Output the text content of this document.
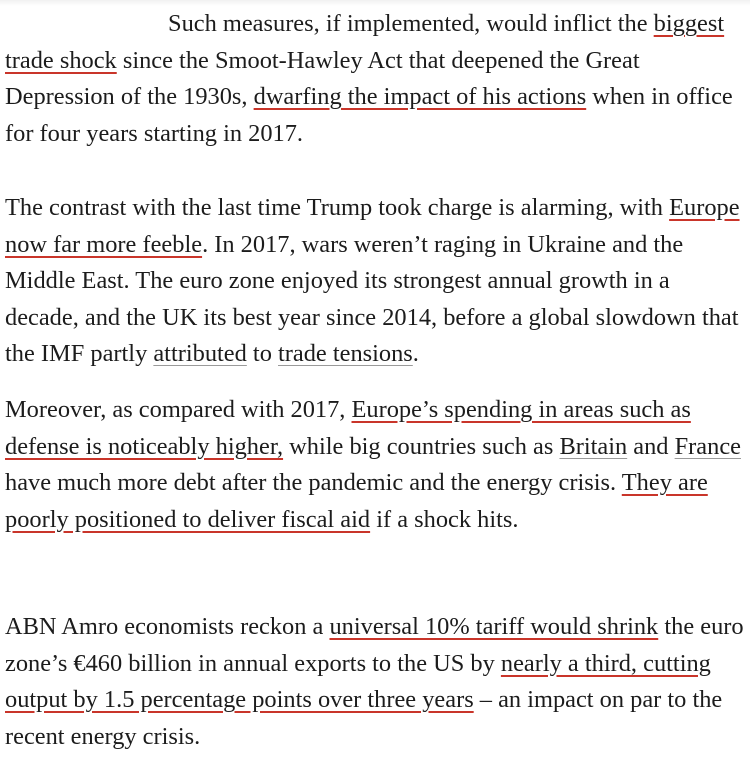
Such measures, if implemented, would inflict the biggest trade shock since the Smoot-Hawley Act that deepened the Great Depression of the 1930s, dwarfing the impact of his actions when in office for four years starting in 2017.

The contrast with the last time Trump took charge is alarming, with Europe now far more feeble. In 2017, wars weren’t raging in Ukraine and the Middle East. The euro zone enjoyed its strongest annual growth in a decade, and the UK its best year since 2014, before a global slowdown that the IMF partly attributed to trade tensions.

Moreover, as compared with 2017, Europe’s spending in areas such as defense is noticeably higher, while big countries such as Britain and France have much more debt after the pandemic and the energy crisis. They are poorly positioned to deliver fiscal aid if a shock hits.

ABN Amro economists reckon a universal 10% tariff would shrink the euro zone’s €460 billion in annual exports to the US by nearly a third, cutting output by 1.5 percentage points over three years – an impact on par to the recent energy crisis.
